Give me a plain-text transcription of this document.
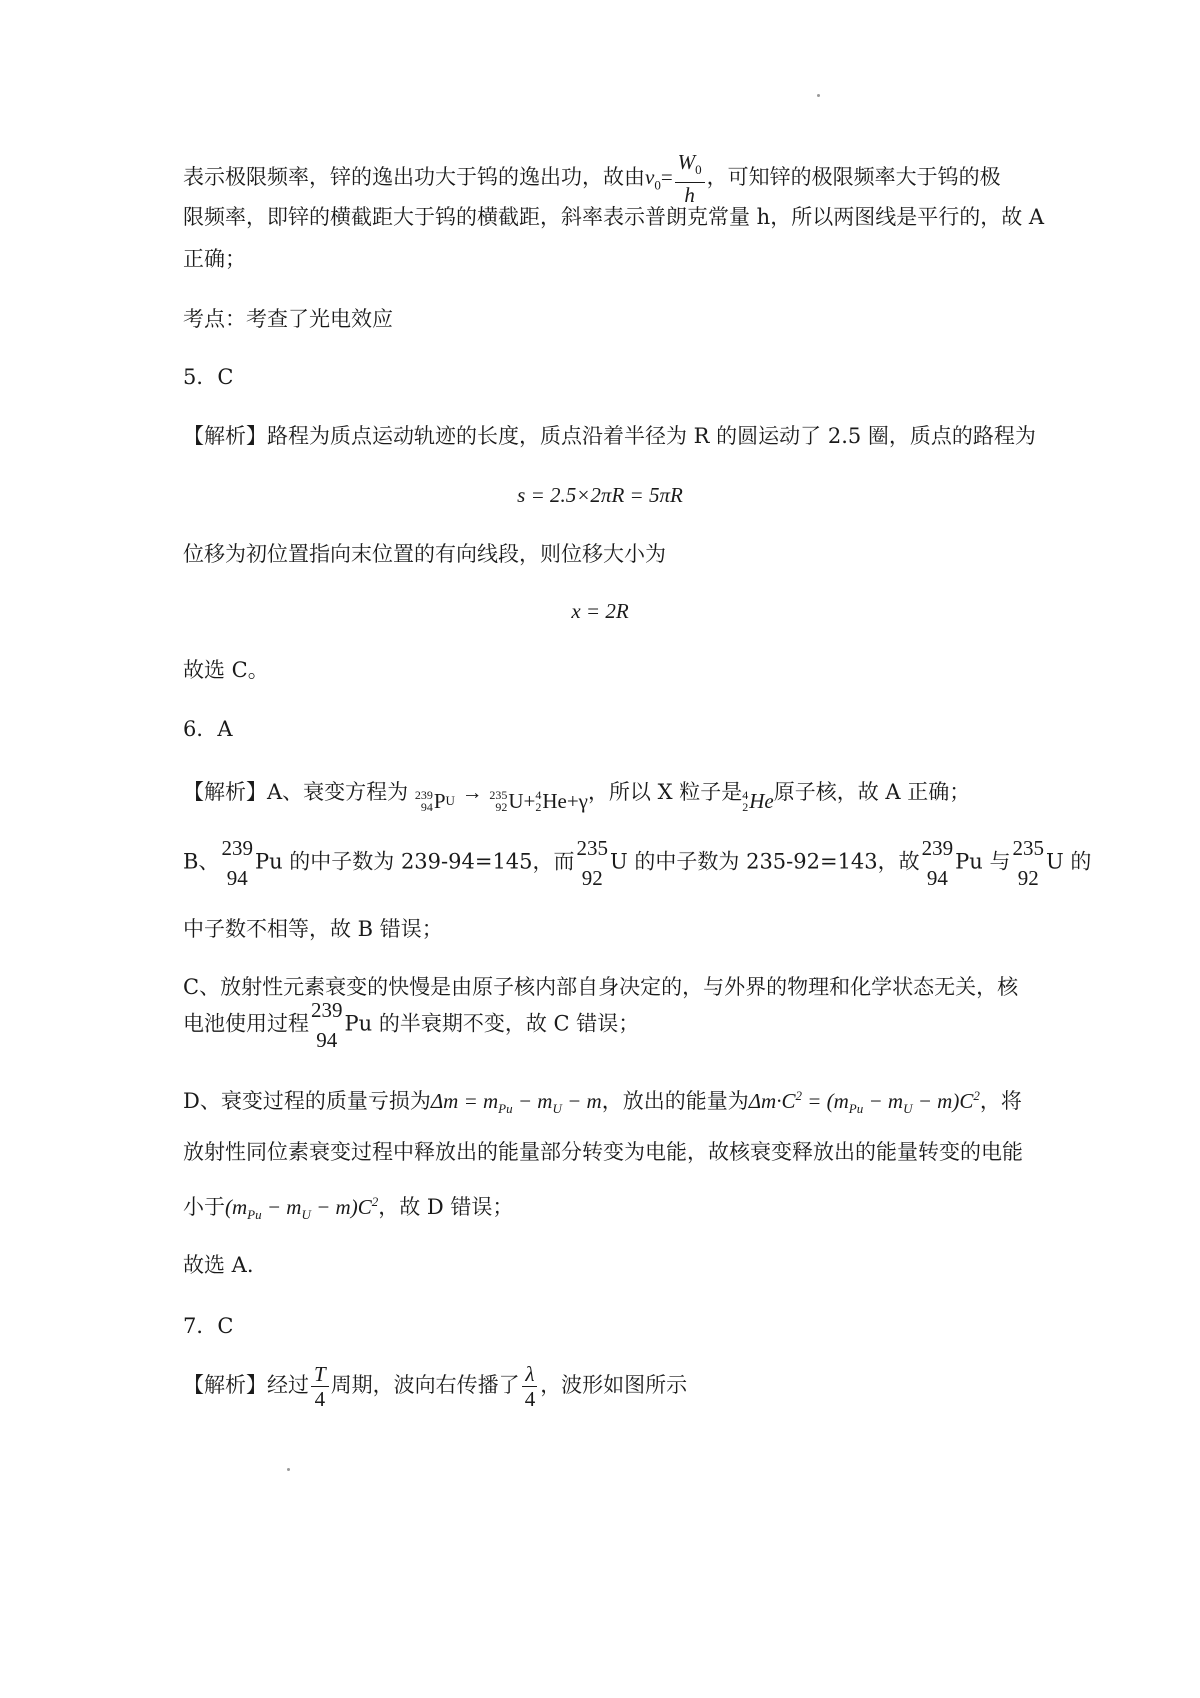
表示极限频率，锌的逸出功大于钨的逸出功，故由$v_0= \frac{W_0}{h}$ ，可知锌的极限频率大于钨的极
限频率，即锌的横截距大于钨的横截距，斜率表示普朗克常量 h，所以两图线是平行的，故 A
正确；
考点：考查了光电效应
5．C
【解析】路程为质点运动轨迹的长度，质点沿着半径为 R 的圆运动了 2.5 圈，质点的路程为
s = 2.5×2πR = 5πR
位移为初位置指向末位置的有向线段，则位移大小为
x = 2R
故选 C。
6．A
【解析】A、衰变方程为 239
94 P U → 235
92 U+ 4
2 He+γ ，所以 X 粒子是 4
2 He 原子核，故 A 正确；
B、
239
94
Pu 的中子数为 239-94=145，而
235
92
U 的中子数为 235-92=143，故
239
94
Pu 与
235
92
U 的
中子数不相等，故 B 错误；
C、放射性元素衰变的快慢是由原子核内部自身决定的，与外界的物理和化学状态无关，核
电池使用过程
239
94
Pu 的半衰期不变，故 C 错误；
D、衰变过程的质量亏损为$\Delta m = m_{Pu} - m_U - m$，放出的能量为$\Delta m\cdot C^2 = (m_{Pu} - m_U - m)C^2$，将
放射性同位素衰变过程中释放出的能量部分转变为电能，故核衰变释放出的能量转变的电能
小于$(m_{Pu} - m_U - m)C^2$，故 D 错误；
故选 A.
7．C
【解析】经过 $\frac{T}{4}$ 周期，波向右传播了 $\frac{\lambda}{4}$ ，波形如图所示
